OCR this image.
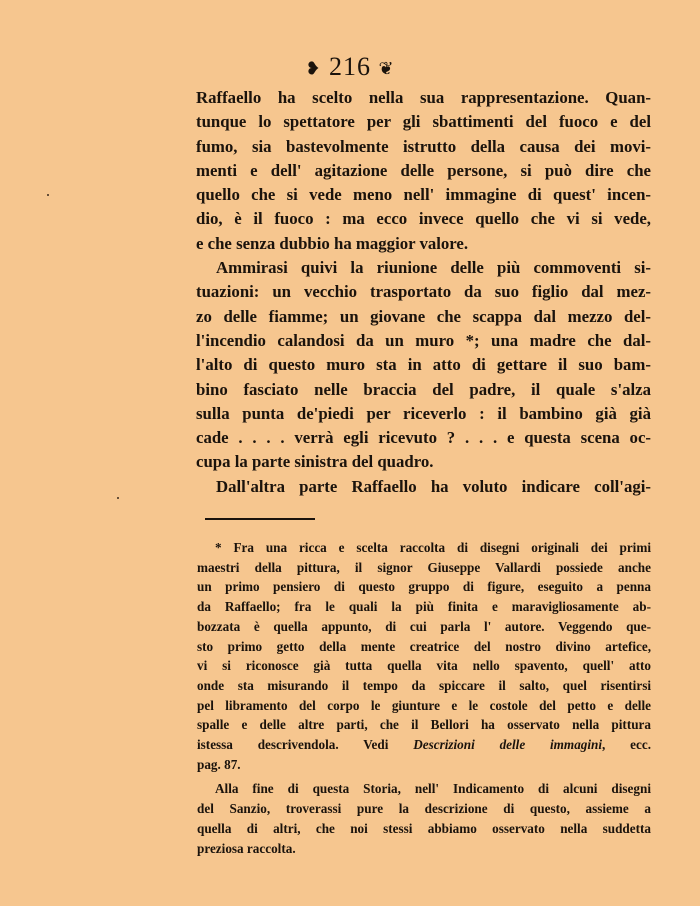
❥ 216 ❦
Raffaello ha scelto nella sua rappresentazione. Quan-
tunque lo spettatore per gli sbattimenti del fuoco e del
fumo, sia bastevolmente istrutto della causa dei movi-
menti e dell' agitazione delle persone, si può dire che
quello che si vede meno nell' immagine di quest' incen-
dio, è il fuoco : ma ecco invece quello che vi si vede,
e che senza dubbio ha maggior valore.
Ammirasi quivi la riunione delle più commoventi si-
tuazioni: un vecchio trasportato da suo figlio dal mez-
zo delle fiamme; un giovane che scappa dal mezzo del-
l'incendio calandosi da un muro *; una madre che dal-
l'alto di questo muro sta in atto di gettare il suo bam-
bino fasciato nelle braccia del padre, il quale s'alza
sulla punta de'piedi per riceverlo : il bambino già già
cade . . . . verrà egli ricevuto ? . . . e questa scena oc-
cupa la parte sinistra del quadro.
Dall'altra parte Raffaello ha voluto indicare coll'agi-
* Fra una ricca e scelta raccolta di disegni originali dei primi
maestri della pittura, il signor Giuseppe Vallardi possiede anche
un primo pensiero di questo gruppo di figure, eseguito a penna
da Raffaello; fra le quali la più finita e maravigliosamente ab-
bozzata è quella appunto, di cui parla l' autore. Veggendo que-
sto primo getto della mente creatrice del nostro divino artefice,
vi si riconosce già tutta quella vita nello spavento, quell' atto
onde sta misurando il tempo da spiccare il salto, quel risentirsi
pel libramento del corpo le giunture e le costole del petto e delle
spalle e delle altre parti, che il Bellori ha osservato nella pittura
istessa descrivendola. Vedi Descrizioni delle immagini, ecc.
pag. 87.
Alla fine di questa Storia, nell' Indicamento di alcuni disegni
del Sanzio, troverassi pure la descrizione di questo, assieme a
quella di altri, che noi stessi abbiamo osservato nella suddetta
preziosa raccolta.
